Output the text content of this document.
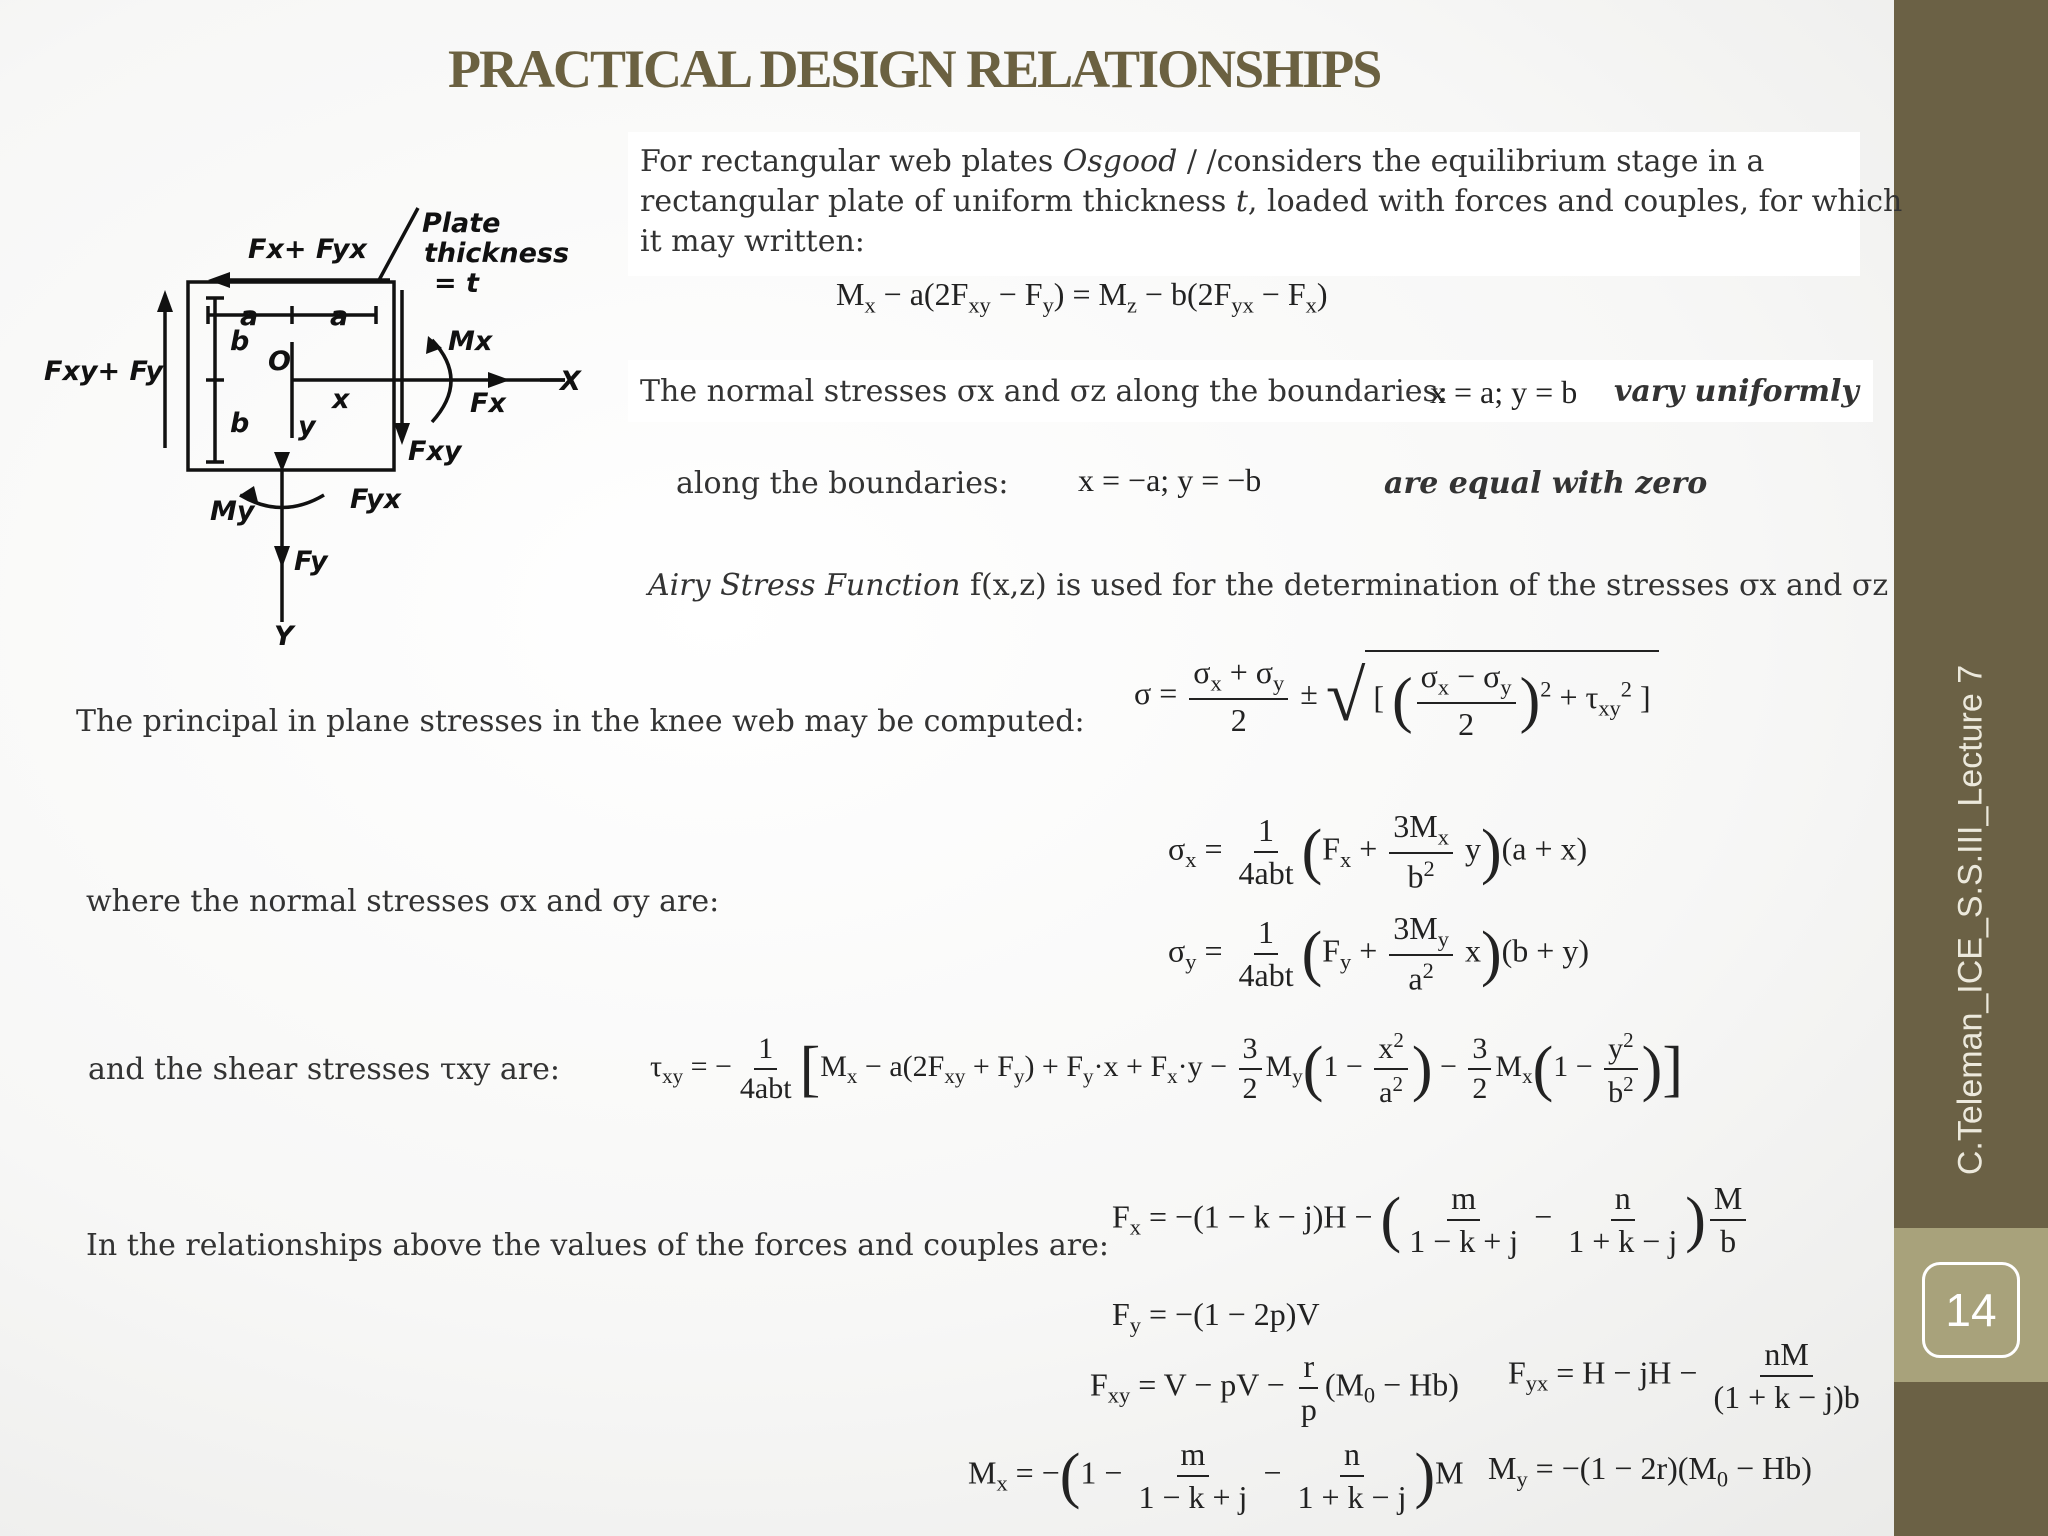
C.Teleman_ICE_S.S.III_Lecture 7
14
PRACTICAL DESIGN RELATIONSHIPS
Fx+ Fyx
Plate
thickness
= t
a	a
b
b
O
x
y
X
Y
Mx
Fx
Fxy
Fxy+ Fy
My	Fyx
Fy
For rectangular web plates Osgood / /considers the equilibrium stage in a
rectangular plate of uniform thickness t, loaded with forces and couples, for which
it may written:
$M_x - a(2F_{xy} - F_y) = M_z - b(2F_{yx} - F_x)$
The normal stresses σx and σz along the boundaries:
x = a; y = b vary uniformly
along the boundaries: x = −a; y = −b	are equal with zero
Airy Stress Function f(x,z) is used for the determination of the stresses σx and σz
The principal in plane stresses in the knee web may be computed:
$\sigma = \frac{\sigma_x + \sigma_y}{2}$ ± √[ ( $\frac{\sigma_x - \sigma_y}{2} )^2 + \tau_{xy}^2$ ]
where the normal stresses σx and σy are:
$\sigma_x = \frac{1}{\text{4abt}} (F_x + \frac{3M_x}{b^2} y)(a + x)$
$\sigma_y = \frac{1}{\text{4abt}} (F_y + \frac{3M_y}{a^2} x)(b + y)$
and the shear stresses τxy are:	$\tau_{xy}$ = − $\frac{1}{\text{4abt}} [M_x - a(2F_{xy} + F_y) + F_y\cdot x + F_x\cdot y - \frac{3}{2} M_y(1 - \frac{x^2}{a^2}$ ) − $\frac{3}{2} M_x(1 - \frac{y^2}{b^2}$ )]
In the relationships above the values of the forces and couples are:
$F_x = -(1 - k - j)H$ − ( $\frac{m}{1 - k + j} - \frac{n}{1 + k - j}$ ) $\frac{M}{b}$
$F_y = -(1 - 2p)V$
$F_{xy} = V$ − pV − $\frac{r}{p} (M_0 - Hb) F_{yx} = H$ − jH − $\frac{nM}{(1 + k - j)b}$
$M_x = -(1 - \frac{m}{1 - k + j} - \frac{n}{1 + k - j} )M$ $M_y = -(1 - 2r)(M_0 - Hb)$
